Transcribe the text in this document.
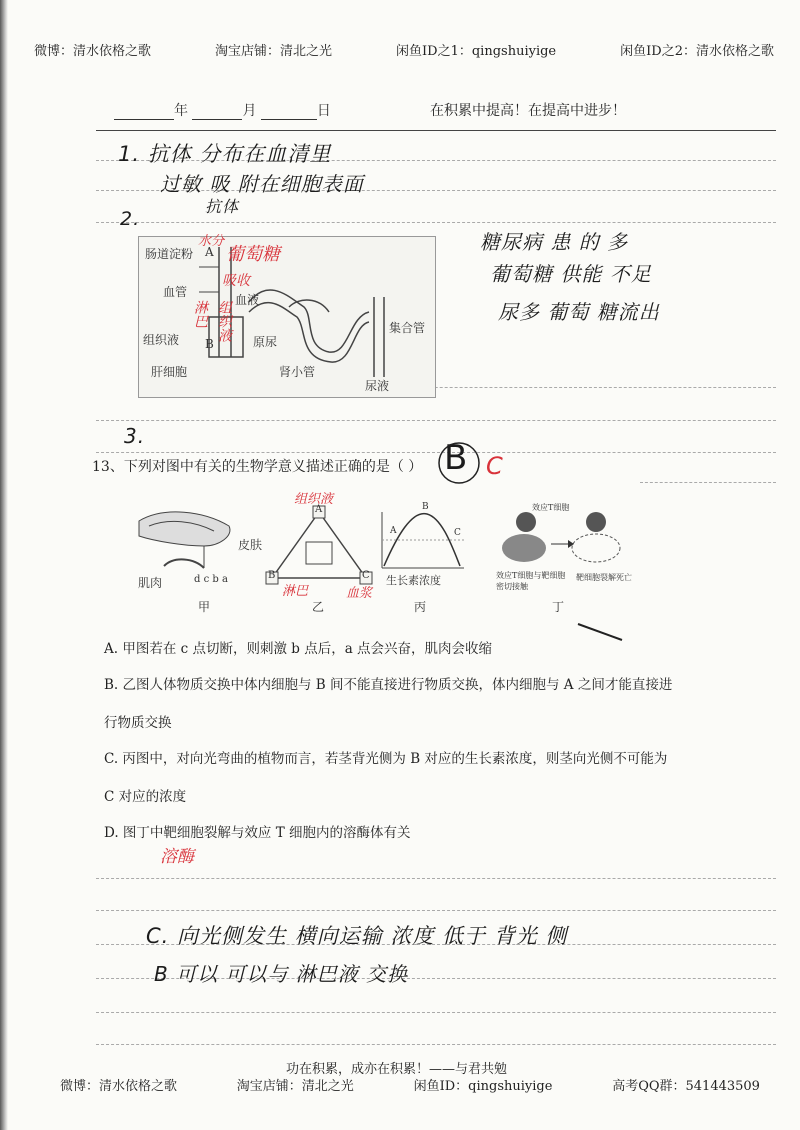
微博：清水依格之歌	淘宝店铺：清北之光	闲鱼ID之1：qingshuiyige	闲鱼ID之2：清水依格之歌
年	月	日	在积累中提高！在提高中进步！
1. 抗体 分布在血清里
过敏 吸 附在细胞表面
抗体
2.
肠道淀粉 A
血管
血液
组织液 B
肝细胞
原尿
肾小管
集合管
尿液
水分
葡萄糖
吸收
淋巴 组织液
糖尿病 患 的 多
葡萄糖 供能 不足
尿多 葡萄 糖流出
3.
13、下列对图中有关的生物学意义描述正确的是（ ） B C
皮肤
肌肉	d c b a
甲
A
B	C
组织液
淋巴	血浆
乙
A
B
C
生长素浓度
丙
效应T细胞
效应T细胞与靶细胞密切接触
靶细胞裂解死亡
丁
A. 甲图若在 c 点切断，则刺激 b 点后，a 点会兴奋，肌肉会收缩
B. 乙图人体物质交换中体内细胞与 B 间不能直接进行物质交换，体内细胞与 A 之间才能直接进
行物质交换
C. 丙图中，对向光弯曲的植物而言，若茎背光侧为 B 对应的生长素浓度，则茎向光侧不可能为
C 对应的浓度
D. 图丁中靶细胞裂解与效应 T 细胞内的溶酶体有关
溶酶
C. 向光侧发生 横向运输 浓度 低于 背光 侧
B 可以 可以与 淋巴液 交换
功在积累，成亦在积累！——与君共勉
微博：清水依格之歌	淘宝店铺：清北之光	闲鱼ID：qingshuiyige	高考QQ群：541443509
